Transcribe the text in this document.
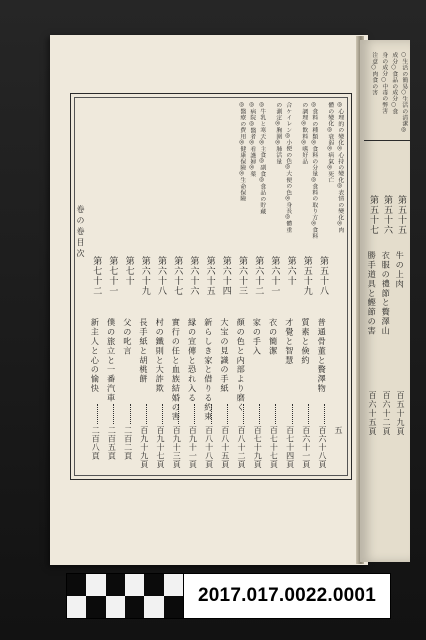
○生活の簡易○生活の淸潔◎
成分○食品の成分○食
身の成分○中毒の弊害
注意○肉食の害
第五十五
牛の上肉
百五十九頁
第五十六
衣服の禮節と贅澤山
百六十二頁
第五十七
勝手道具と鰹節の害
百六十五頁
卷の卷目次
五
◎心理的の變化◎心持の變化◎表情の變化◎肉
體の變化◎衰弱◎病氣◎死亡
◎食料の種類◎食料の分量◎食料の取り方◎食料
の調理◎飲料◎嗜好品
合ケイレン◎小便の色◎大便の色◎身長◎體重
の測定◎胸圍◎肺活量
◎牛乳と寒天◎主食◎副食◎食品の貯藏
◎病院◎醫者◎看護婦◎薬
◎醫療の費用◎健康保險◎生命保險
第五十八
普通骨董と贅澤物
百六十八頁
第五十九
質素と倹約
百六十一頁
第六十
才覺と智慧
百七十四頁
第六十一
衣の簡潔
百七十七頁
第六十二
家の手入
百七十九頁
第六十三
顏の色と内部より磨く
百八十二頁
第六十四
大宝の見識の手紙
百八十五頁
第六十五
新らしき家と借りる約束
百八十八頁
第六十六
縁の宣傳と恐れ入る
百九十一頁
第六十七
實行の任と血族結婚の害
百九十三頁
第六十八
村の鐵則と大詐欺
百九十七頁
第六十九
長手紙と胡桃餅
百九十九頁
第七十
父の叱言
二百二頁
第七十一
僕の旅立と一番汽車
二百五頁
第七十二
新主人と心の愉快
二百八頁
2017.017.0022.0001
